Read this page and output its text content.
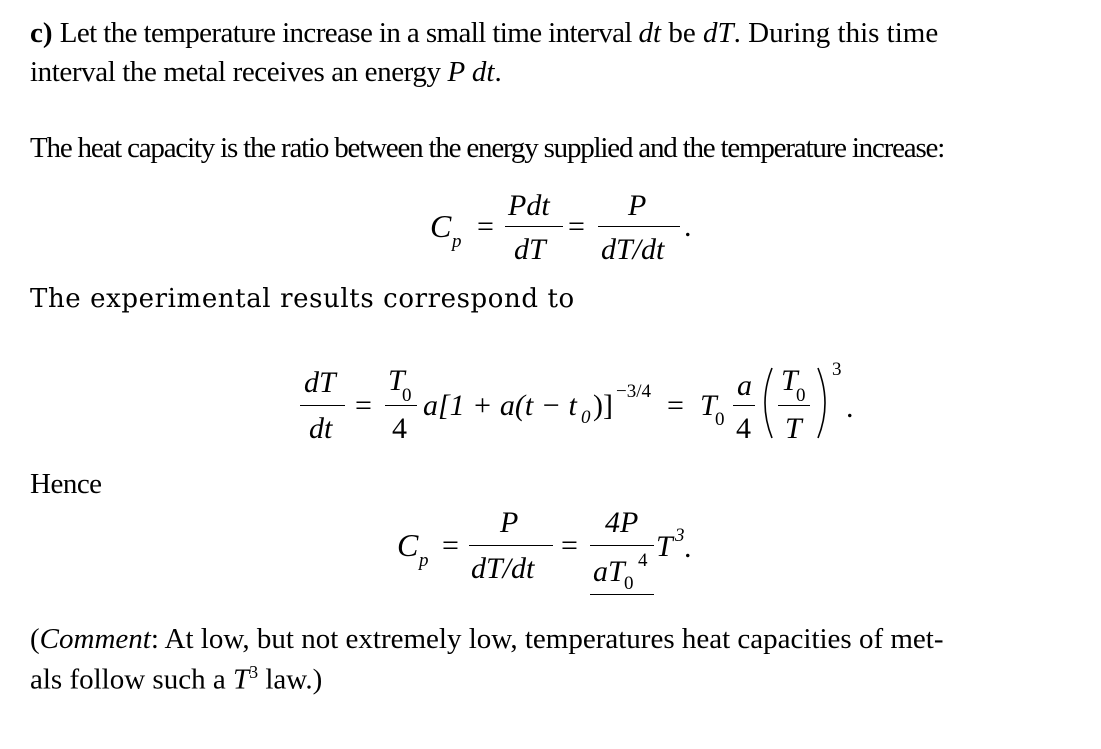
c) Let the temperature increase in a small time interval dt be dT. During this time
interval the metal receives an energy P dt.
The heat capacity is the ratio between the energy supplied and the temperature increase:
C p =
Pdt
dT
=
P
dT/dt
.
The experimental results correspond to
dT
dt
=
T
0
4
a[1 + a(t − t 0 )] −3/4 = T
0
a
4
T
0
T
3
.
Hence
C p =
P
dT/dt
=
4P
aT 0
4 T 3 .
(Comment: At low, but not extremely low, temperatures heat capacities of met-
als follow such a $T^3$ law.)
